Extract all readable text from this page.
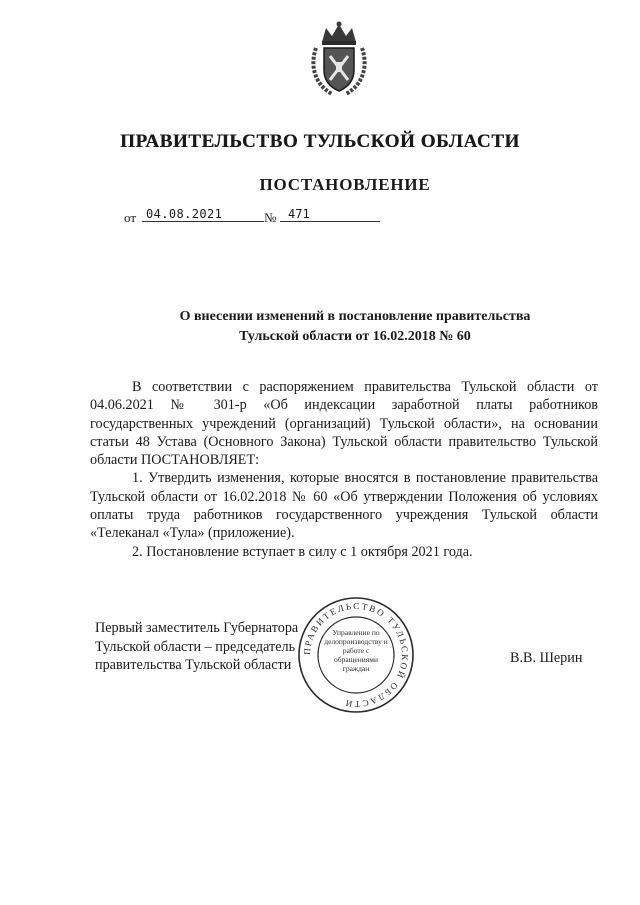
ПРАВИТЕЛЬСТВО ТУЛЬСКОЙ ОБЛАСТИ
ПОСТАНОВЛЕНИЕ
от 04.08.2021	№ 471
О внесении изменений в постановление правительства
Тульской области от 16.02.2018 № 60

В соответствии с распоряжением правительства Тульской области от 04.06.2021 № 301-р «Об индексации заработной платы работников государственных учреждений (организаций) Тульской области», на основании статьи 48 Устава (Основного Закона) Тульской области правительство Тульской области ПОСТАНОВЛЯЕТ:

1. Утвердить изменения, которые вносятся в постановление правительства Тульской области от 16.02.2018 № 60 «Об утверждении Положения об условиях оплаты труда работников государственного учреждения Тульской области «Телеканал «Тула» (приложение).

2. Постановление вступает в силу с 1 октября 2021 года.

Первый заместитель Губернатора
Тульской области – председатель
правительства Тульской области
ПРАВИТЕЛЬСТВО ТУЛЬСКОЙ ОБЛАСТИ
Управление по делопроизводству и работе с обращениями граждан
В.В. Шерин
